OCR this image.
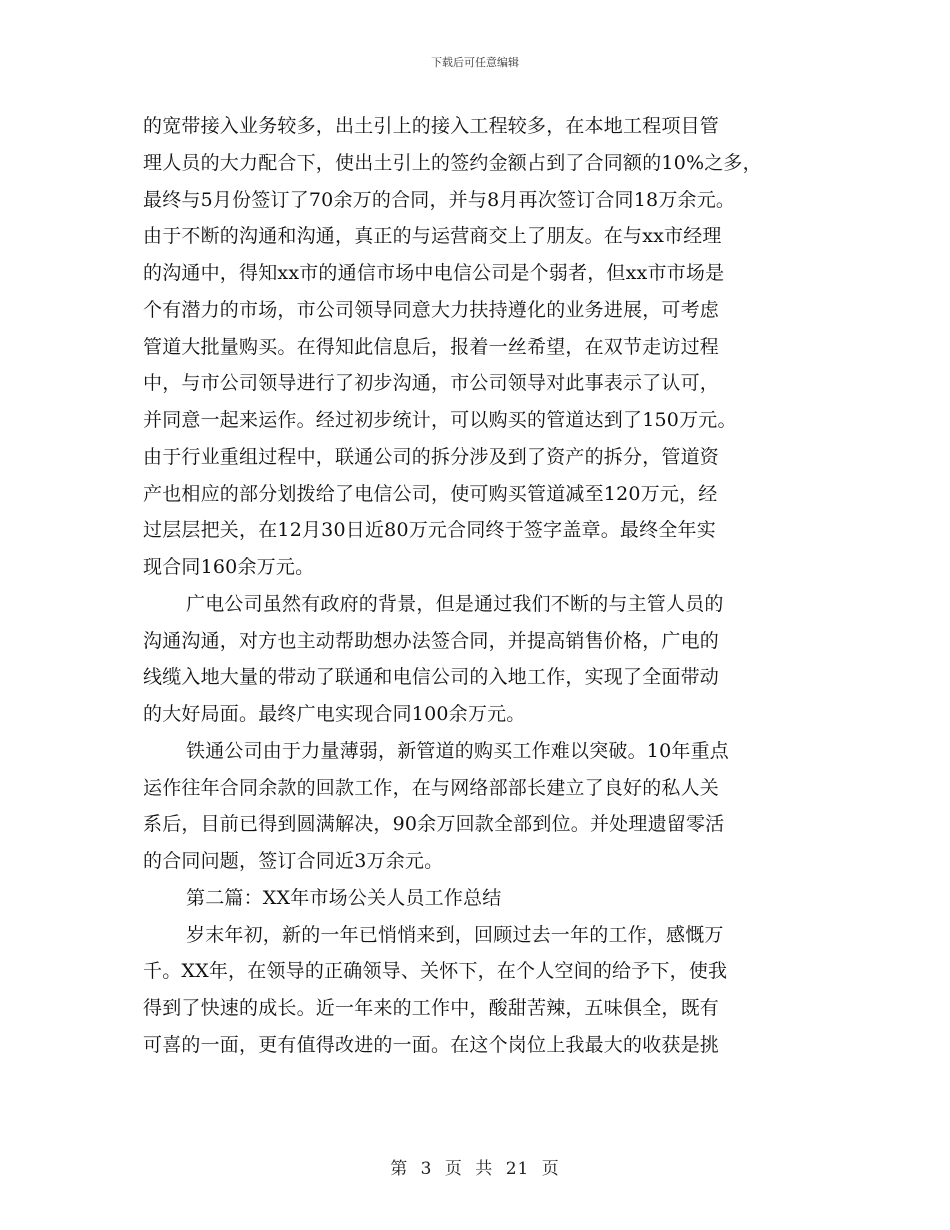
下载后可任意编辑
的宽带接入业务较多，出土引上的接入工程较多，在本地工程项目管
理人员的大力配合下，使出土引上的签约金额占到了合同额的10%之多，
最终与5月份签订了70余万的合同，并与8月再次签订合同18万余元。
由于不断的沟通和沟通，真正的与运营商交上了朋友。在与xx市经理
的沟通中，得知xx市的通信市场中电信公司是个弱者，但xx市市场是
个有潜力的市场，市公司领导同意大力扶持遵化的业务进展，可考虑
管道大批量购买。在得知此信息后，报着一丝希望，在双节走访过程
中，与市公司领导进行了初步沟通，市公司领导对此事表示了认可，
并同意一起来运作。经过初步统计，可以购买的管道达到了150万元。
由于行业重组过程中，联通公司的拆分涉及到了资产的拆分，管道资
产也相应的部分划拨给了电信公司，使可购买管道减至120万元，经
过层层把关，在12月30日近80万元合同终于签字盖章。最终全年实
现合同160余万元。
广电公司虽然有政府的背景，但是通过我们不断的与主管人员的
沟通沟通，对方也主动帮助想办法签合同，并提高销售价格，广电的
线缆入地大量的带动了联通和电信公司的入地工作，实现了全面带动
的大好局面。最终广电实现合同100余万元。
铁通公司由于力量薄弱，新管道的购买工作难以突破。10年重点
运作往年合同余款的回款工作，在与网络部部长建立了良好的私人关
系后，目前已得到圆满解决，90余万回款全部到位。并处理遗留零活
的合同问题，签订合同近3万余元。
第二篇：XX年市场公关人员工作总结
岁末年初，新的一年已悄悄来到，回顾过去一年的工作，感慨万
千。XX年，在领导的正确领导、关怀下，在个人空间的给予下，使我
得到了快速的成长。近一年来的工作中，酸甜苦辣，五味俱全，既有
可喜的一面，更有值得改进的一面。在这个岗位上我最大的收获是挑
第 3 页 共 21 页
